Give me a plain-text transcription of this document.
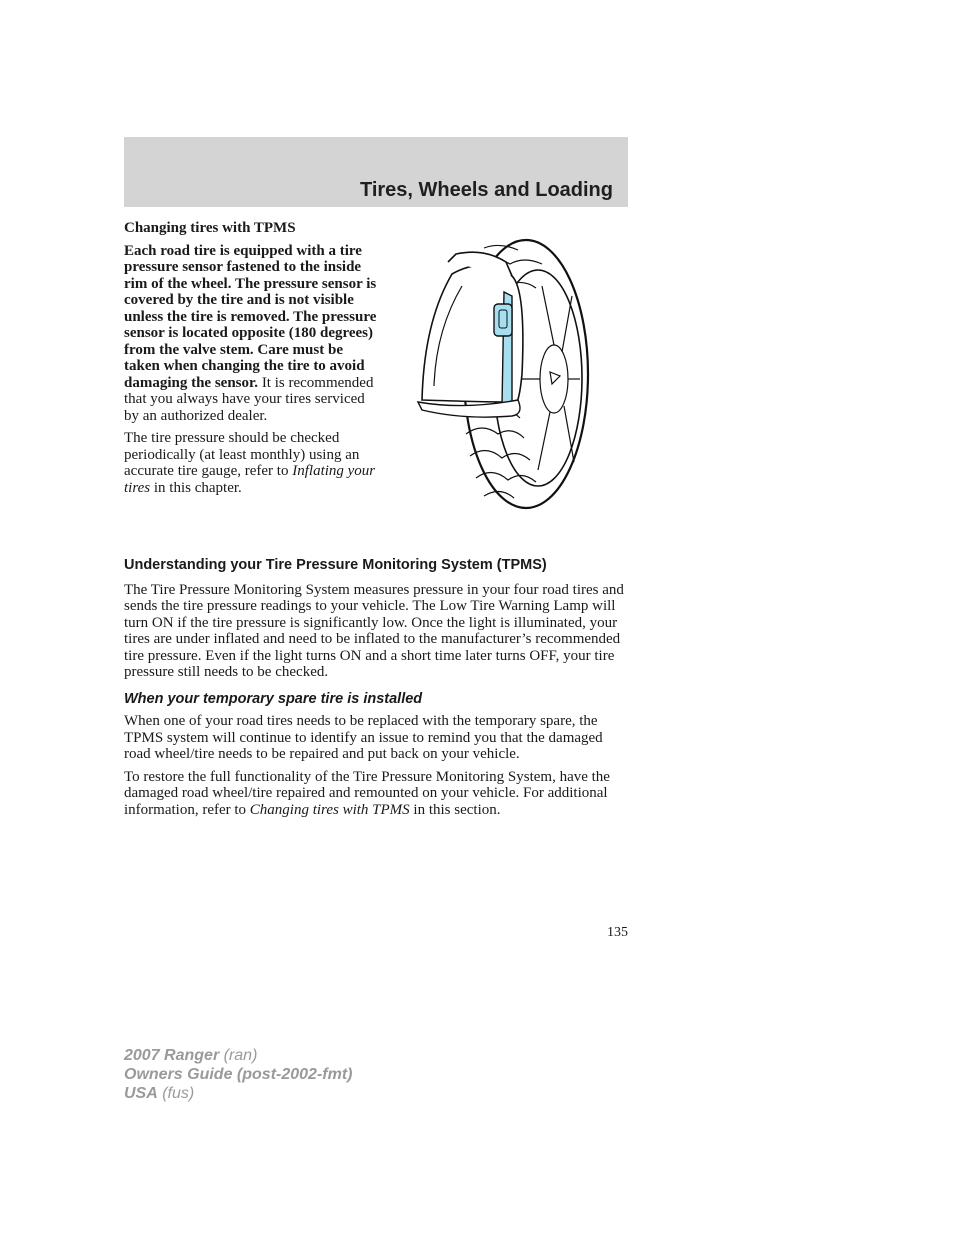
Tires, Wheels and Loading
Changing tires with TPMS

Each road tire is equipped with a tire pressure sensor fastened to the inside rim of the wheel. The pressure sensor is covered by the tire and is not visible unless the tire is removed. The pressure sensor is located opposite (180 degrees) from the valve stem. Care must be taken when changing the tire to avoid damaging the sensor. It is recommended that you always have your tires serviced by an authorized dealer.

The tire pressure should be checked periodically (at least monthly) using an accurate tire gauge, refer to Inflating your tires in this chapter.

Understanding your Tire Pressure Monitoring System (TPMS)

The Tire Pressure Monitoring System measures pressure in your four road tires and sends the tire pressure readings to your vehicle. The Low Tire Warning Lamp will turn ON if the tire pressure is significantly low. Once the light is illuminated, your tires are under inflated and need to be inflated to the manufacturer’s recommended tire pressure. Even if the light turns ON and a short time later turns OFF, your tire pressure still needs to be checked.

When your temporary spare tire is installed

When one of your road tires needs to be replaced with the temporary spare, the TPMS system will continue to identify an issue to remind you that the damaged road wheel/tire needs to be repaired and put back on your vehicle.

To restore the full functionality of the Tire Pressure Monitoring System, have the damaged road wheel/tire repaired and remounted on your vehicle. For additional information, refer to Changing tires with TPMS in this section.

135
2007 Ranger (ran)
Owners Guide (post-2002-fmt)
USA (fus)
